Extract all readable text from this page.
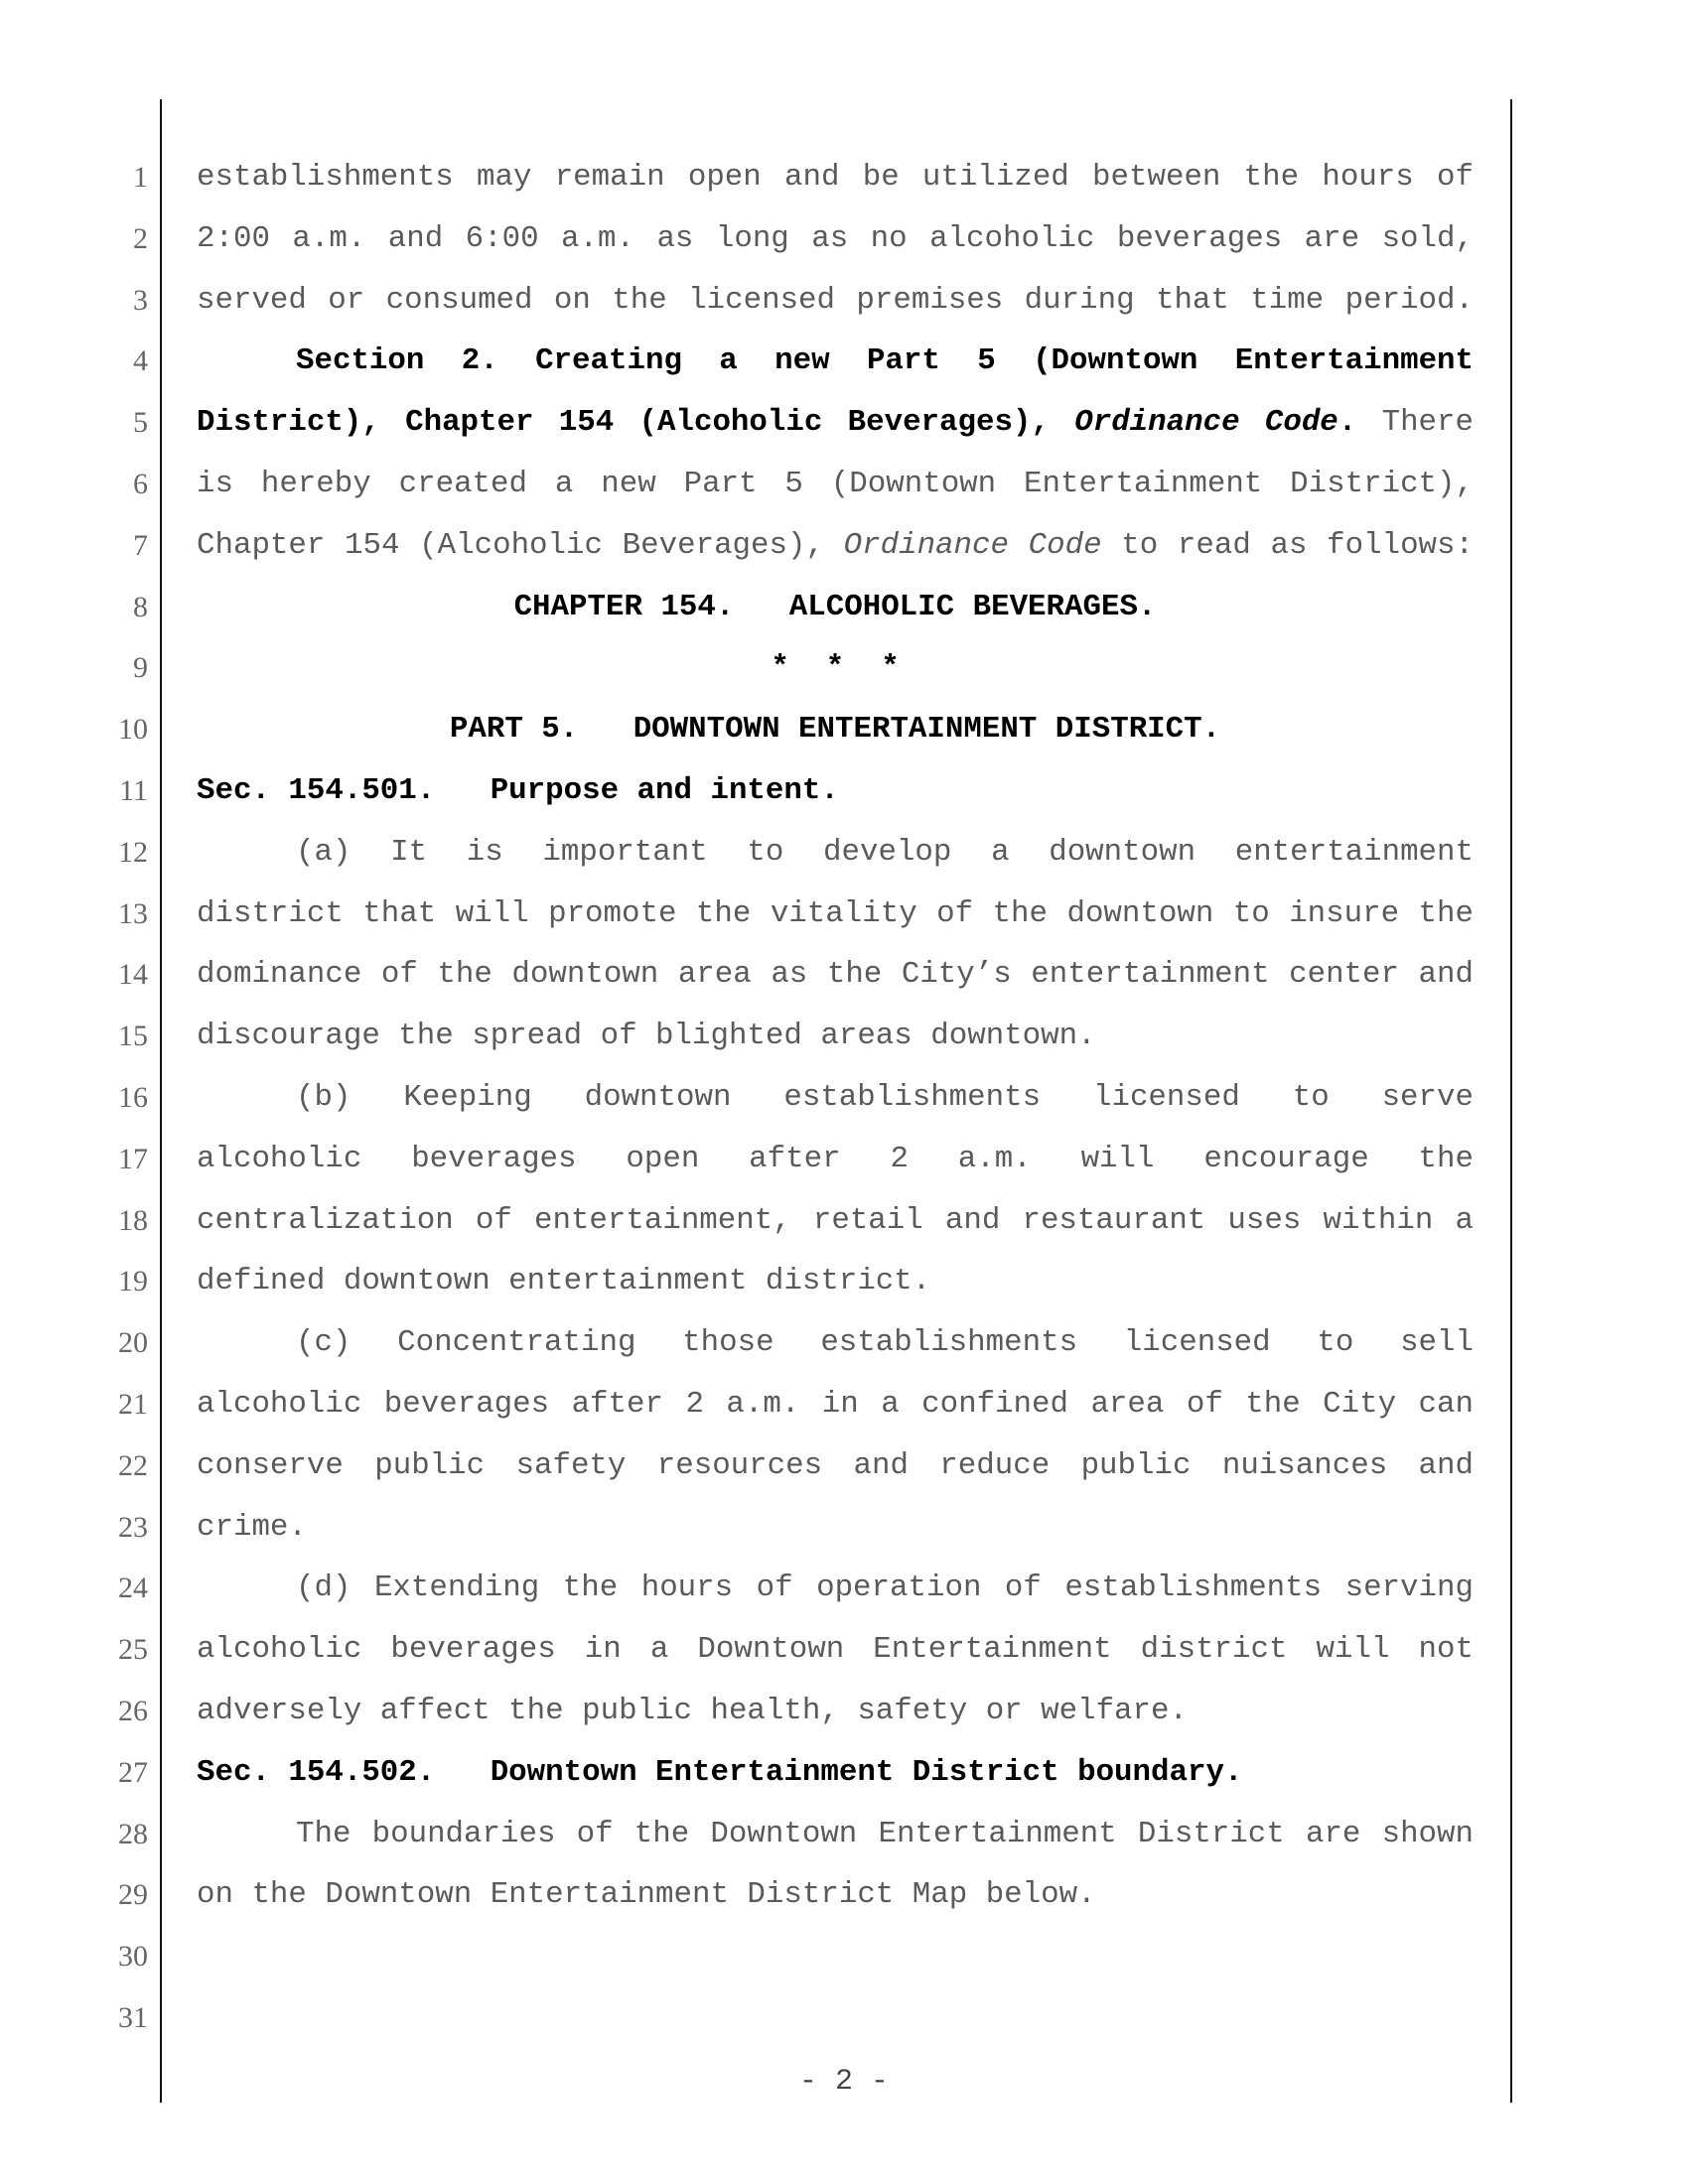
1 establishments may remain open and be utilized between the hours of
2 2:00 a.m. and 6:00 a.m. as long as no alcoholic beverages are sold,
3 served or consumed on the licensed premises during that time period.
4	Section 2. Creating a new Part 5 (Downtown Entertainment
5 District), Chapter 154 (Alcoholic Beverages), Ordinance Code. There
6 is hereby created a new Part 5 (Downtown Entertainment District),
7 Chapter 154 (Alcoholic Beverages), Ordinance Code to read as follows:
8	CHAPTER 154.   ALCOHOLIC BEVERAGES.
9	*  *  *
10	PART 5.   DOWNTOWN ENTERTAINMENT DISTRICT.
11 Sec. 154.501.   Purpose and intent.
12	(a) It is important to develop a downtown entertainment
13 district that will promote the vitality of the downtown to insure the
14 dominance of the downtown area as the City’s entertainment center and
15 discourage the spread of blighted areas downtown.
16	(b) Keeping downtown establishments licensed to serve
17 alcoholic beverages open after 2 a.m. will encourage the
18 centralization of entertainment, retail and restaurant uses within a
19 defined downtown entertainment district.
20	(c) Concentrating those establishments licensed to sell
21 alcoholic beverages after 2 a.m. in a confined area of the City can
22 conserve public safety resources and reduce public nuisances and
23 crime.
24	(d) Extending the hours of operation of establishments serving
25 alcoholic beverages in a Downtown Entertainment district will not
26 adversely affect the public health, safety or welfare.
27 Sec. 154.502.   Downtown Entertainment District boundary.
28	The boundaries of the Downtown Entertainment District are shown
29 on the Downtown Entertainment District Map below.
30
31
- 2 -
